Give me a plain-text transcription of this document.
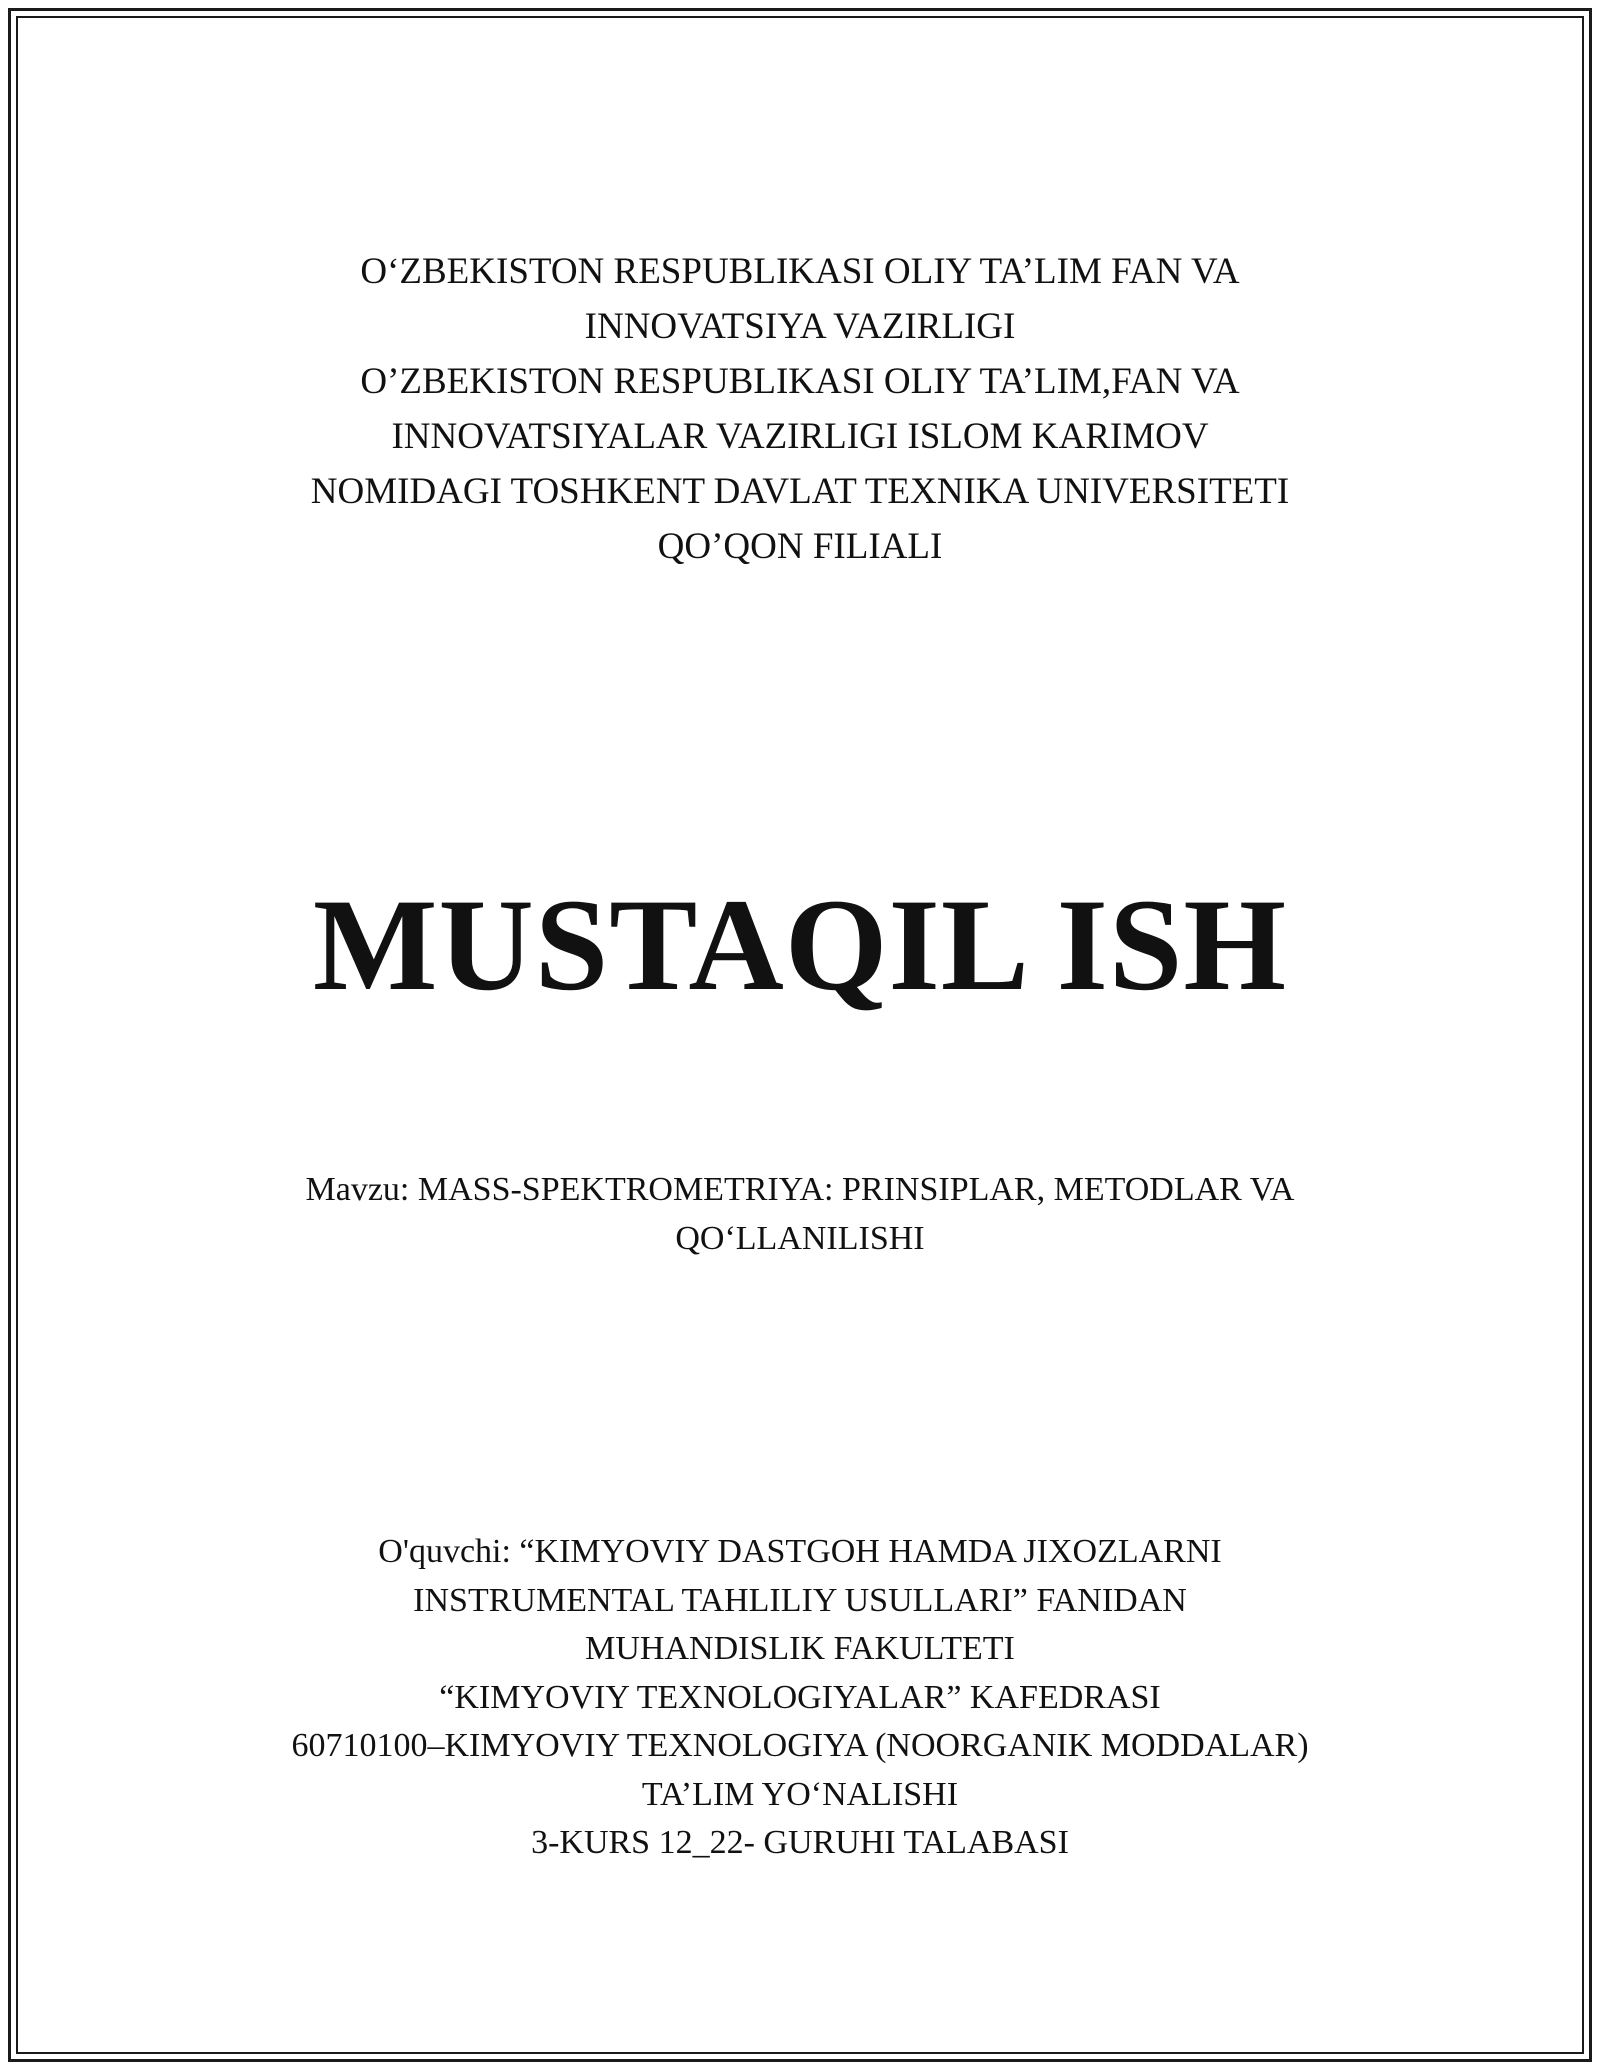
O‘ZBEKISTON RESPUBLIKASI OLIY TA’LIM FAN VA
INNOVATSIYA VAZIRLIGI
O’ZBEKISTON RESPUBLIKASI OLIY TA’LIM,FAN VA
INNOVATSIYALAR VAZIRLIGI ISLOM KARIMOV
NOMIDAGI TOSHKENT DAVLAT TEXNIKA UNIVERSITETI
QO’QON FILIALI
MUSTAQIL ISH
Mavzu: MASS-SPEKTROMETRIYA: PRINSIPLAR, METODLAR VA
QO‘LLANILISHI
O'quvchi: “KIMYOVIY DASTGOH HAMDA JIXOZLARNI
INSTRUMENTAL TAHLILIY USULLARI” FANIDAN
MUHANDISLIK FAKULTETI
“KIMYOVIY TEXNOLOGIYALAR” KAFEDRASI
60710100–KIMYOVIY TEXNOLOGIYA (NOORGANIK MODDALAR)
TA’LIM YO‘NALISHI
3-KURS 12_22- GURUHI TALABASI
